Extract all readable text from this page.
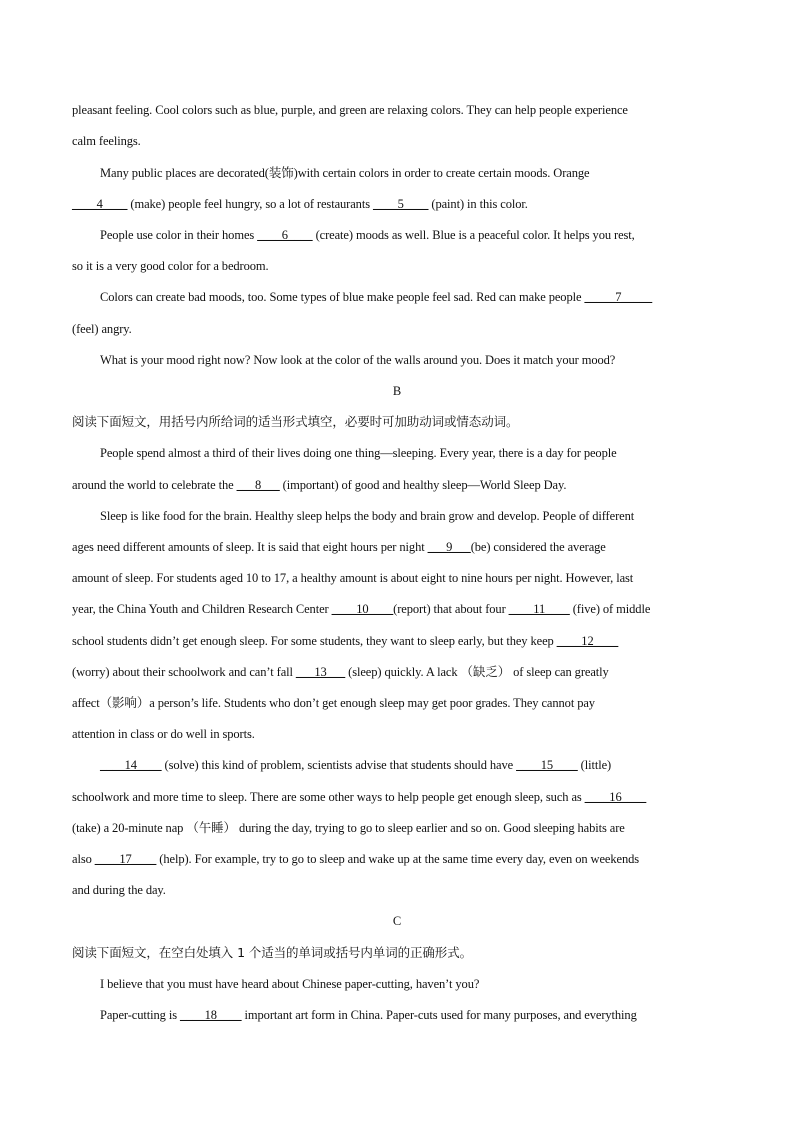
pleasant feeling. Cool colors such as blue, purple, and green are relaxing colors. They can help people experience
calm feelings.
Many public places are decorated(装饰)with certain colors in order to create certain moods. Orange
____4____ (make) people feel hungry, so a lot of restaurants ____5____ (paint) in this color.
People use color in their homes ____6____ (create) moods as well. Blue is a peaceful color. It helps you rest,
so it is a very good color for a bedroom.
Colors can create bad moods, too. Some types of blue make people feel sad. Red can make people _____7_____
(feel) angry.
What is your mood right now? Now look at the color of the walls around you. Does it match your mood?
B
阅读下面短文，用括号内所给词的适当形式填空，必要时可加助动词或情态动词。
People spend almost a third of their lives doing one thing—sleeping. Every year, there is a day for people
around the world to celebrate the ___8___ (important) of good and healthy sleep—World Sleep Day.
Sleep is like food for the brain. Healthy sleep helps the body and brain grow and develop. People of different
ages need different amounts of sleep. It is said that eight hours per night ___9___(be) considered the average
amount of sleep. For students aged 10 to 17, a healthy amount is about eight to nine hours per night. However, last
year, the China Youth and Children Research Center ____10____(report) that about four ____11____ (five) of middle
school students didn’t get enough sleep. For some students, they want to sleep early, but they keep ____12____
(worry) about their schoolwork and can’t fall ___13___ (sleep) quickly. A lack （缺乏） of sleep can greatly
affect（影响）a person’s life. Students who don’t get enough sleep may get poor grades. They cannot pay
attention in class or do well in sports.
____14____ (solve) this kind of problem, scientists advise that students should have ____15____ (little)
schoolwork and more time to sleep. There are some other ways to help people get enough sleep, such as ____16____
(take) a 20-minute nap （午睡） during the day, trying to go to sleep earlier and so on. Good sleeping habits are
also ____17____ (help). For example, try to go to sleep and wake up at the same time every day, even on weekends
and during the day.
C
阅读下面短文，在空白处填入 1 个适当的单词或括号内单词的正确形式。
I believe that you must have heard about Chinese paper-cutting, haven’t you?
Paper-cutting is ____18____ important art form in China. Paper-cuts used for many purposes, and everything
